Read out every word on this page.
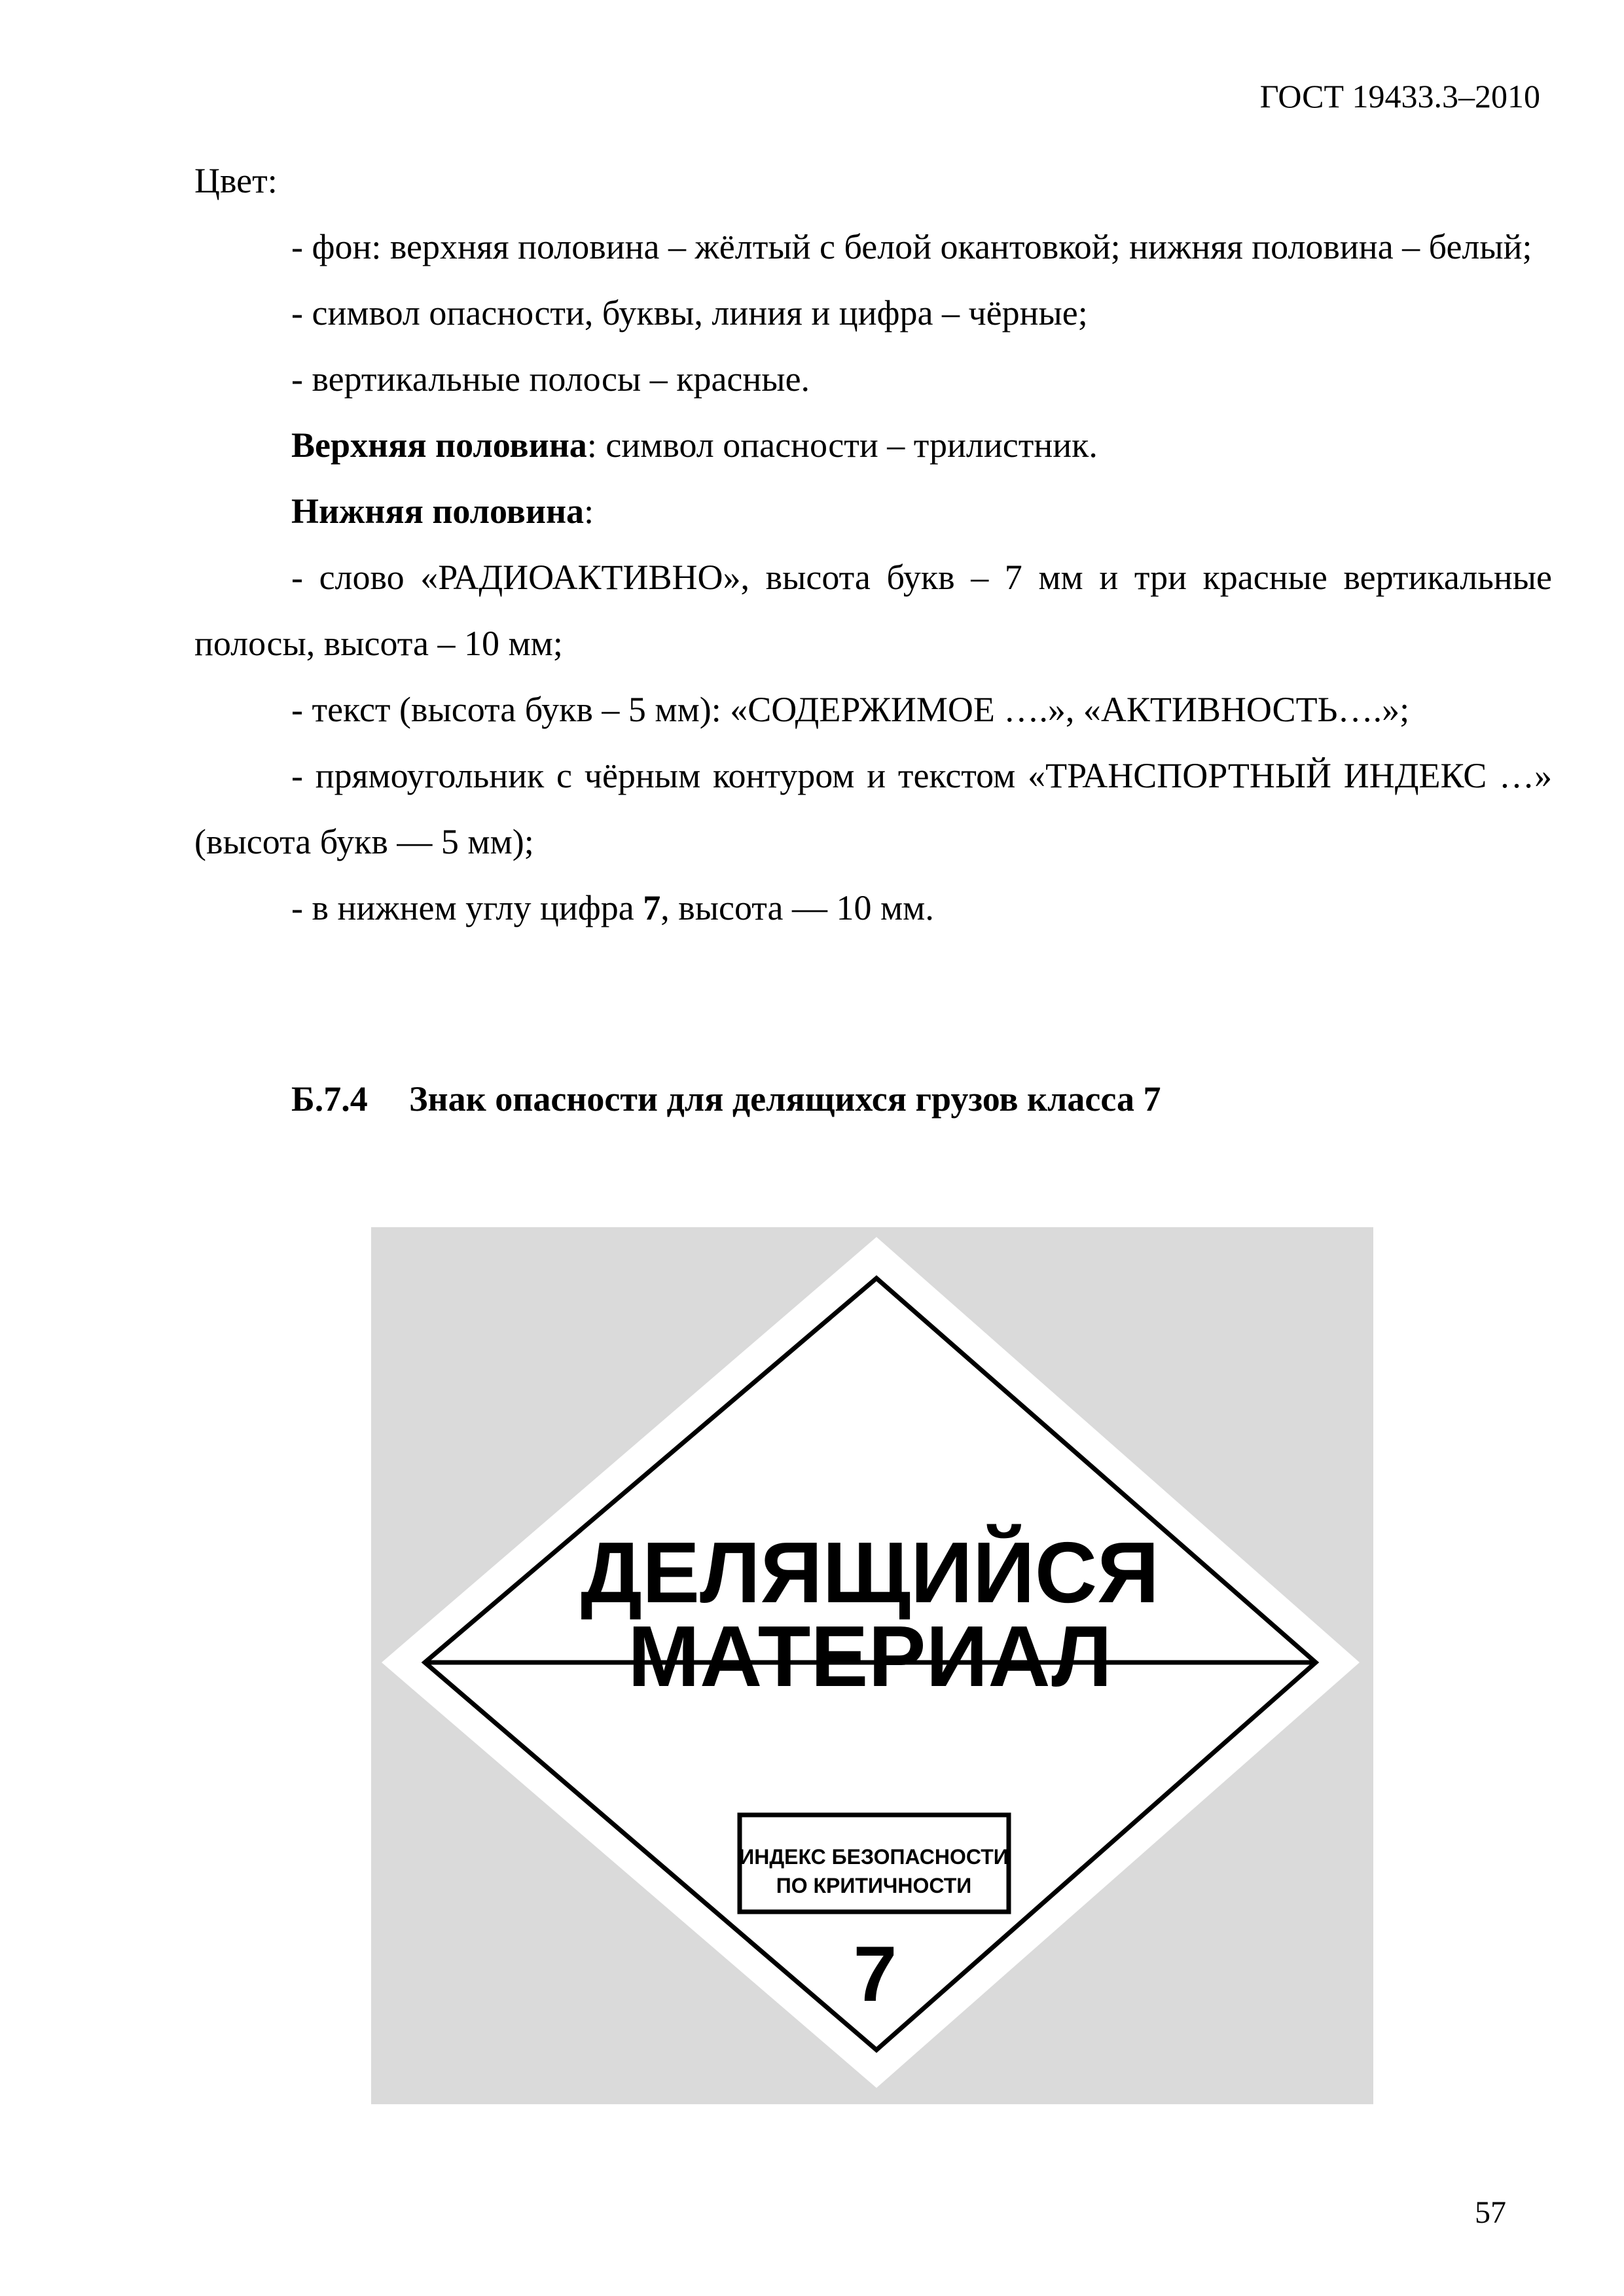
ГОСТ 19433.3–2010

Цвет:

- фон: верхняя половина – жёлтый с белой окантовкой; нижняя половина – белый;

- символ опасности, буквы, линия и цифра – чёрные;

- вертикальные полосы – красные.

Верхняя половина: символ опасности – трилистник.

Нижняя половина:

- слово «РАДИОАКТИВНО», высота букв – 7 мм и три красные вертикальные полосы, высота – 10 мм;

- текст (высота букв – 5 мм): «СОДЕРЖИМОЕ ….», «АКТИВНОСТЬ….»;

- прямоугольник с чёрным контуром и текстом «ТРАНСПОРТНЫЙ ИНДЕКС …» (высота букв — 5 мм);

- в нижнем углу цифра 7, высота — 10 мм.

Б.7.4 Знак опасности для делящихся грузов класса 7
ДЕЛЯЩИЙСЯ
МАТЕРИАЛ
ИНДЕКС БЕЗОПАСНОСТИ
ПО КРИТИЧНОСТИ
7
57
